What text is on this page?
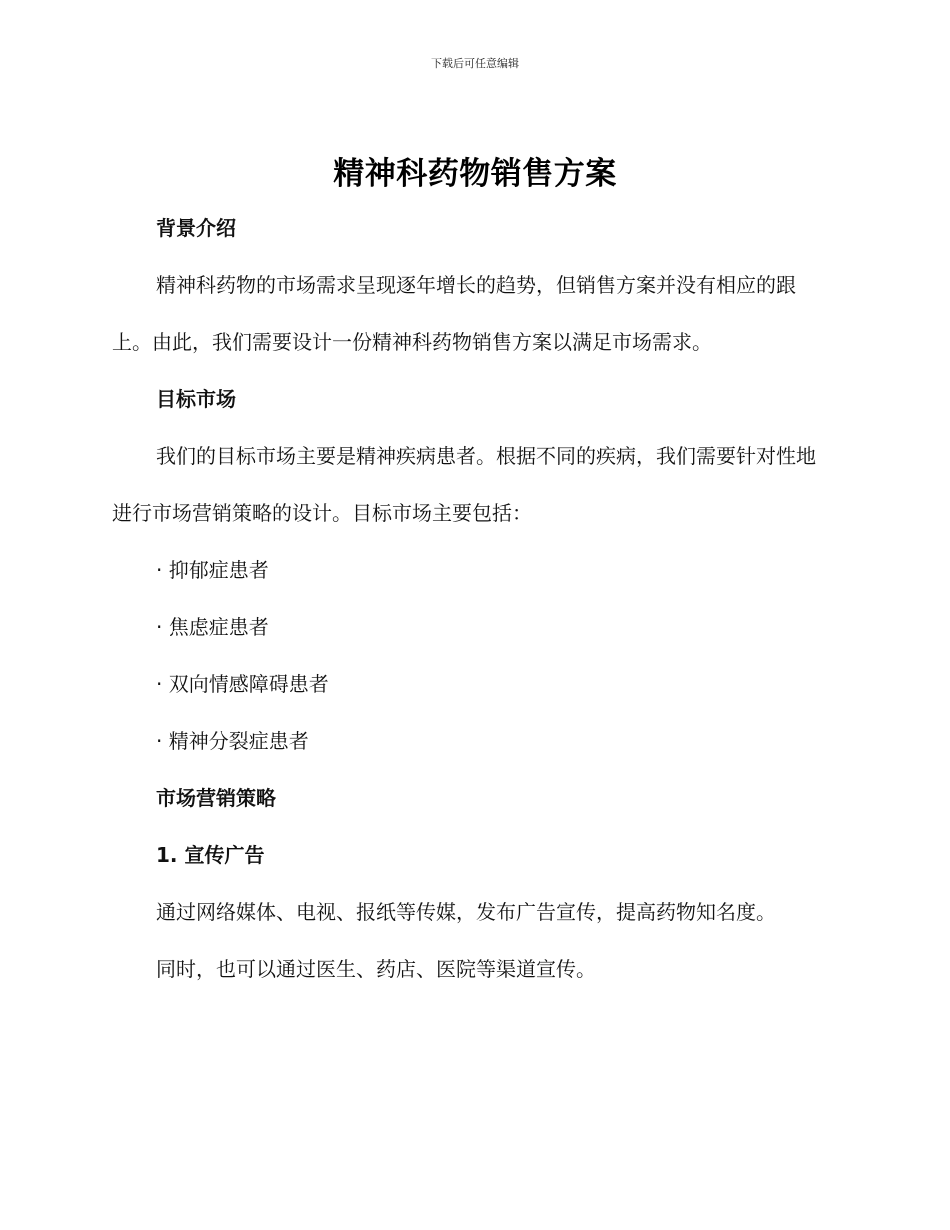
下载后可任意编辑
精神科药物销售方案

背景介绍

精神科药物的市场需求呈现逐年增长的趋势，但销售方案并没有相应的跟上。由此，我们需要设计一份精神科药物销售方案以满足市场需求。

目标市场

我们的目标市场主要是精神疾病患者。根据不同的疾病，我们需要针对性地进行市场营销策略的设计。目标市场主要包括：

· 抑郁症患者

· 焦虑症患者

· 双向情感障碍患者

· 精神分裂症患者

市场营销策略

1. 宣传广告

通过网络媒体、电视、报纸等传媒，发布广告宣传，提高药物知名度。

同时，也可以通过医生、药店、医院等渠道宣传。
